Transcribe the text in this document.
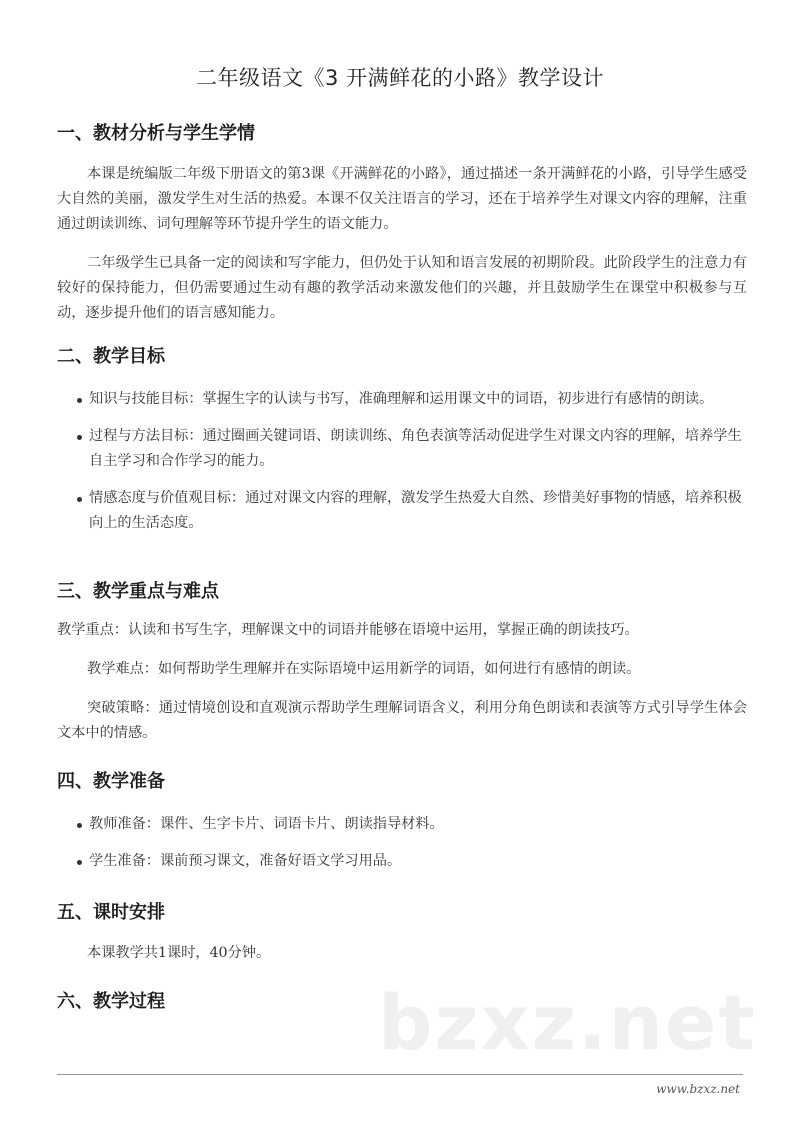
二年级语文《3 开满鲜花的小路》教学设计
一、教材分析与学生学情

本课是统编版二年级下册语文的第3课《开满鲜花的小路》，通过描述一条开满鲜花的小路，引导学生感受大自然的美丽，激发学生对生活的热爱。本课不仅关注语言的学习，还在于培养学生对课文内容的理解，注重通过朗读训练、词句理解等环节提升学生的语文能力。

二年级学生已具备一定的阅读和写字能力，但仍处于认知和语言发展的初期阶段。此阶段学生的注意力有较好的保持能力，但仍需要通过生动有趣的教学活动来激发他们的兴趣，并且鼓励学生在课堂中积极参与互动，逐步提升他们的语言感知能力。

二、教学目标
知识与技能目标：掌握生字的认读与书写，准确理解和运用课文中的词语，初步进行有感情的朗读。
过程与方法目标：通过圈画关键词语、朗读训练、角色表演等活动促进学生对课文内容的理解，培养学生自主学习和合作学习的能力。
情感态度与价值观目标：通过对课文内容的理解，激发学生热爱大自然、珍惜美好事物的情感，培养积极向上的生活态度。
三、教学重点与难点

教学重点：认读和书写生字，理解课文中的词语并能够在语境中运用，掌握正确的朗读技巧。

教学难点：如何帮助学生理解并在实际语境中运用新学的词语，如何进行有感情的朗读。

突破策略：通过情境创设和直观演示帮助学生理解词语含义，利用分角色朗读和表演等方式引导学生体会文本中的情感。

四、教学准备
教师准备：课件、生字卡片、词语卡片、朗读指导材料。
学生准备：课前预习课文，准备好语文学习用品。
五、课时安排

本课教学共1课时，40分钟。

六、教学过程	bzxz.net
www.bzxz.net
